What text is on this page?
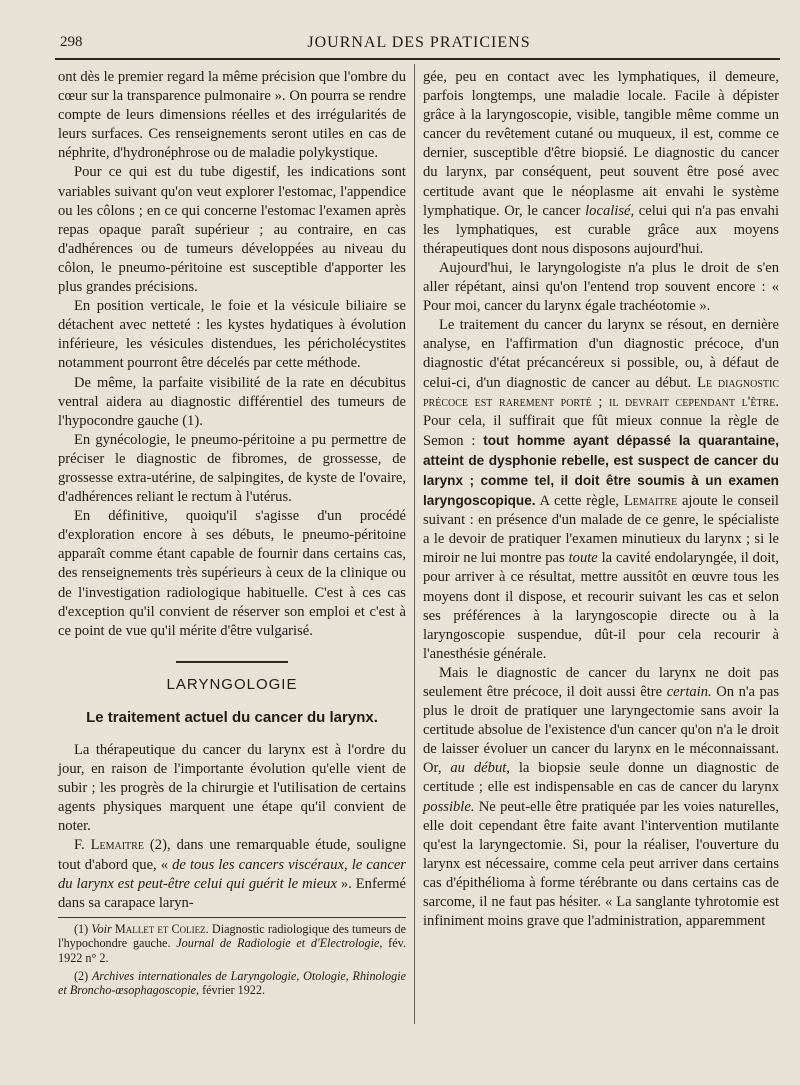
298	JOURNAL DES PRATICIENS

ont dès le premier regard la même précision que l'ombre du cœur sur la transparence pulmonaire ». On pourra se rendre compte de leurs dimensions réelles et des irrégularités de leurs surfaces. Ces renseignements seront utiles en cas de néphrite, d'hydronéphrose ou de maladie polykystique.

Pour ce qui est du tube digestif, les indications sont variables suivant qu'on veut explorer l'estomac, l'appendice ou les côlons ; en ce qui concerne l'estomac l'examen après repas opaque paraît supérieur ; au contraire, en cas d'adhérences ou de tumeurs développées au niveau du côlon, le pneumo-péritoine est susceptible d'apporter les plus grandes précisions.

En position verticale, le foie et la vésicule biliaire se détachent avec netteté : les kystes hydatiques à évolution inférieure, les vésicules distendues, les péricholécystites notamment pourront être décelés par cette méthode.

De même, la parfaite visibilité de la rate en décubitus ventral aidera au diagnostic différentiel des tumeurs de l'hypocondre gauche (1).

En gynécologie, le pneumo-péritoine a pu permettre de préciser le diagnostic de fibromes, de grossesse, de grossesse extra-utérine, de salpingites, de kyste de l'ovaire, d'adhérences reliant le rectum à l'utérus.

En définitive, quoiqu'il s'agisse d'un procédé d'exploration encore à ses débuts, le pneumo-péritoine apparaît comme étant capable de fournir dans certains cas, des renseignements très supérieurs à ceux de la clinique ou de l'investigation radiologique habituelle. C'est à ces cas d'exception qu'il convient de réserver son emploi et c'est à ce point de vue qu'il mérite d'être vulgarisé.

LARYNGOLOGIE
Le traitement actuel du cancer du larynx.

La thérapeutique du cancer du larynx est à l'ordre du jour, en raison de l'importante évolution qu'elle vient de subir ; les progrès de la chirurgie et l'utilisation de certains agents physiques marquent une étape qu'il convient de noter.

F. Lemaitre (2), dans une remarquable étude, souligne tout d'abord que, « de tous les cancers viscéraux, le cancer du larynx est peut-être celui qui guérit le mieux ». Enfermé dans sa carapace laryn-

(1) Voir Mallet et Coliez. Diagnostic radiologique des tumeurs de l'hypochondre gauche. Journal de Radiologie et d'Electrologie, fév. 1922 n° 2.

(2) Archives internationales de Laryngologie, Otologie, Rhinologie et Broncho-œsophagoscopie, février 1922.

gée, peu en contact avec les lymphatiques, il demeure, parfois longtemps, une maladie locale. Facile à dépister grâce à la laryngoscopie, visible, tangible même comme un cancer du revêtement cutané ou muqueux, il est, comme ce dernier, susceptible d'être biopsié. Le diagnostic du cancer du larynx, par conséquent, peut souvent être posé avec certitude avant que le néoplasme ait envahi le système lymphatique. Or, le cancer localisé, celui qui n'a pas envahi les lymphatiques, est curable grâce aux moyens thérapeutiques dont nous disposons aujourd'hui.

Aujourd'hui, le laryngologiste n'a plus le droit de s'en aller répétant, ainsi qu'on l'entend trop souvent encore : « Pour moi, cancer du larynx égale trachéotomie ».

Le traitement du cancer du larynx se résout, en dernière analyse, en l'affirmation d'un diagnostic précoce, d'un diagnostic d'état précancéreux si possible, ou, à défaut de celui-ci, d'un diagnostic de cancer au début. Le diagnostic précoce est rarement porté ; il devrait cependant l'être. Pour cela, il suffirait que fût mieux connue la règle de Semon : tout homme ayant dépassé la quarantaine, atteint de dysphonie rebelle, est suspect de cancer du larynx ; comme tel, il doit être soumis à un examen laryngoscopique. A cette règle, Lemaitre ajoute le conseil suivant : en présence d'un malade de ce genre, le spécialiste a le devoir de pratiquer l'examen minutieux du larynx ; si le miroir ne lui montre pas toute la cavité endolaryngée, il doit, pour arriver à ce résultat, mettre aussitôt en œuvre tous les moyens dont il dispose, et recourir suivant les cas et selon ses préférences à la laryngoscopie directe ou à la laryngoscopie suspendue, dût-il pour cela recourir à l'anesthésie générale.

Mais le diagnostic de cancer du larynx ne doit pas seulement être précoce, il doit aussi être certain. On n'a pas plus le droit de pratiquer une laryngectomie sans avoir la certitude absolue de l'existence d'un cancer qu'on n'a le droit de laisser évoluer un cancer du larynx en le méconnaissant. Or, au début, la biopsie seule donne un diagnostic de certitude ; elle est indispensable en cas de cancer du larynx possible. Ne peut-elle être pratiquée par les voies naturelles, elle doit cependant être faite avant l'intervention mutilante qu'est la laryngectomie. Si, pour la réaliser, l'ouverture du larynx est nécessaire, comme cela peut arriver dans certains cas d'épithélioma à forme térébrante ou dans certains cas de sarcome, il ne faut pas hésiter. « La sanglante tyhrotomie est infiniment moins grave que l'administration, apparemment
